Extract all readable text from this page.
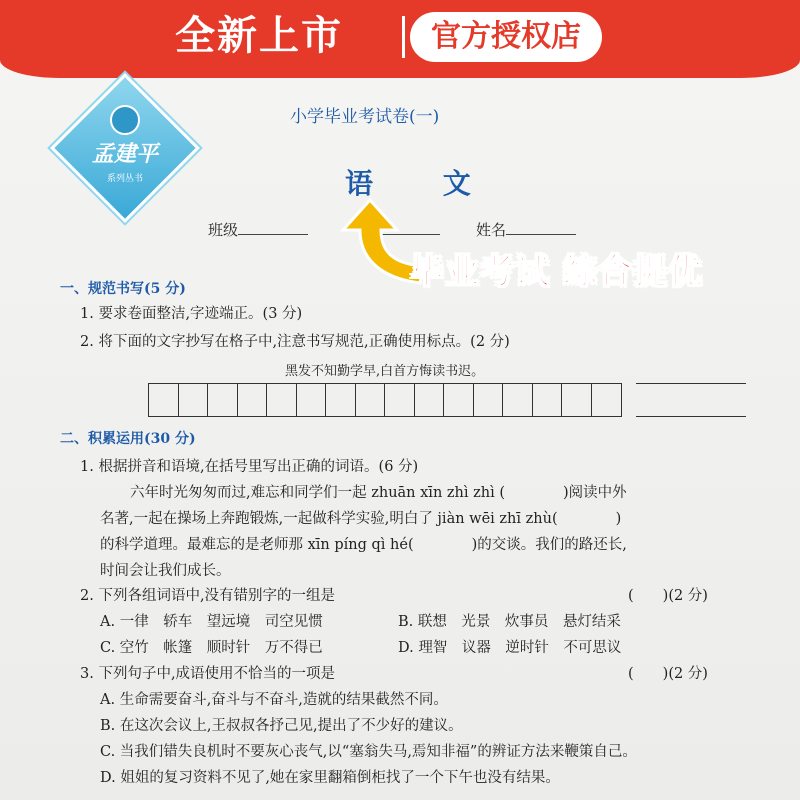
全新上市	官方授权店
孟建平
系列丛书
小学毕业考试卷(一)
语 文
班级	姓名
毕业考试 综合提优
一、规范书写(5 分)
1. 要求卷面整洁,字迹端正。(3 分)
2. 将下面的文字抄写在格子中,注意书写规范,正确使用标点。(2 分)
黑发不知勤学早,白首方悔读书迟。
二、积累运用(30 分)
1. 根据拼音和语境,在括号里写出正确的词语。(6 分)
六年时光匆匆而过,难忘和同学们一起 zhuān xīn zhì zhì (　　　　)阅读中外
名著,一起在操场上奔跑锻炼,一起做科学实验,明白了 jiàn wēi zhī zhù(　　　　)
的科学道理。最难忘的是老师那 xīn píng qì hé(　　　　)的交谈。我们的路还长,
时间会让我们成长。
2. 下列各组词语中,没有错别字的一组是	(　　)(2 分)
A. 一律　轿车　望远境　司空见惯	B. 联想　光景　炊事员　悬灯结采
C. 空竹　帐篷　顺时针　万不得已	D. 理智　议器　逆时针　不可思议
3. 下列句子中,成语使用不恰当的一项是	(　　)(2 分)
A. 生命需要奋斗,奋斗与不奋斗,造就的结果截然不同。
B. 在这次会议上,王叔叔各抒己见,提出了不少好的建议。
C. 当我们错失良机时不要灰心丧气,以“塞翁失马,焉知非福”的辨证方法来鞭策自己。
D. 姐姐的复习资料不见了,她在家里翻箱倒柜找了一个下午也没有结果。
